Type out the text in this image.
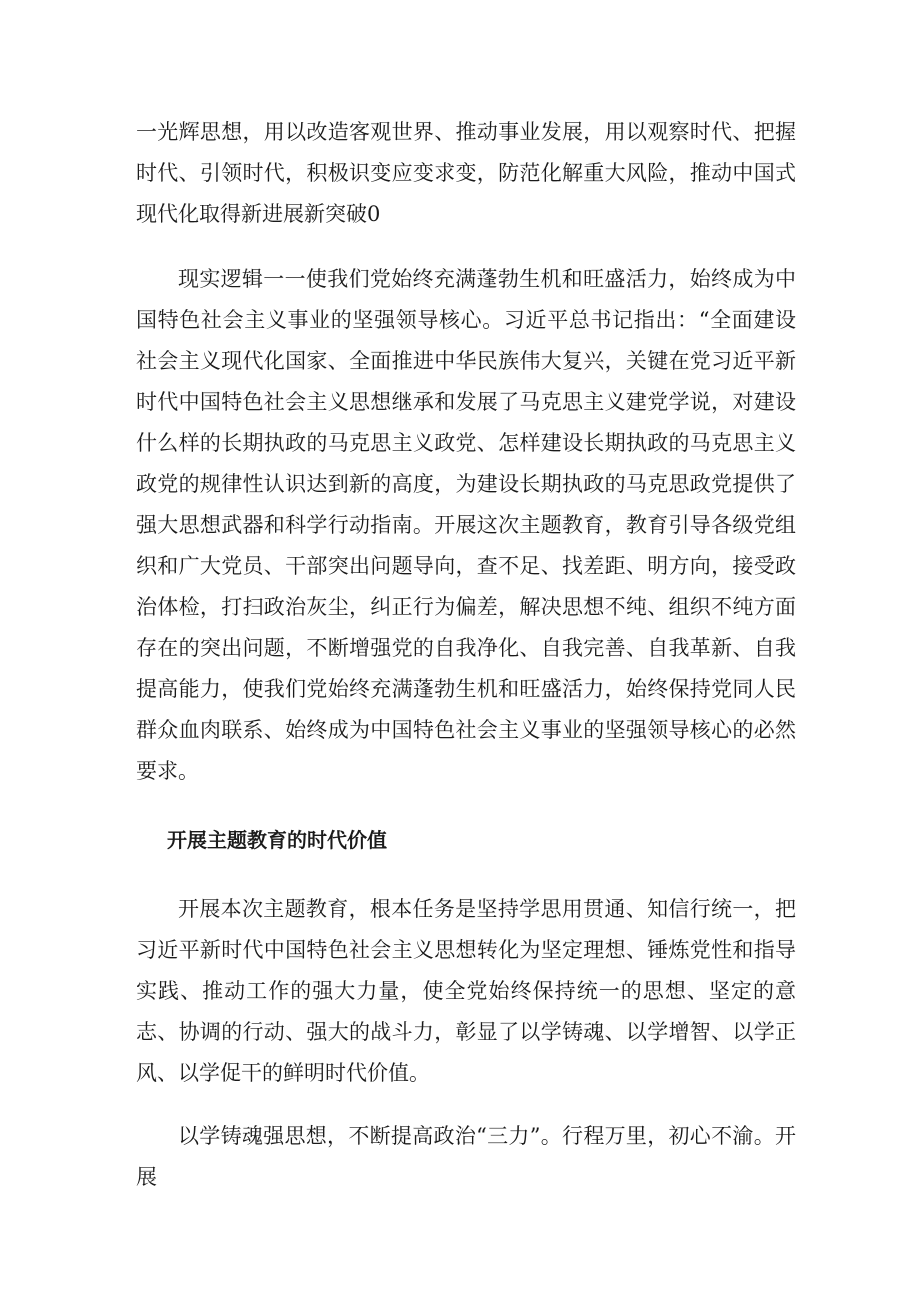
一光辉思想，用以改造客观世界、推动事业发展，用以观察时代、把握时代、引领时代，积极识变应变求变，防范化解重大风险，推动中国式现代化取得新进展新突破0

现实逻辑一一使我们党始终充满蓬勃生机和旺盛活力，始终成为中国特色社会主义事业的坚强领导核心。习近平总书记指出：“全面建设社会主义现代化国家、全面推进中华民族伟大复兴，关键在党习近平新时代中国特色社会主义思想继承和发展了马克思主义建党学说，对建设什么样的长期执政的马克思主义政党、怎样建设长期执政的马克思主义政党的规律性认识达到新的高度，为建设长期执政的马克思政党提供了强大思想武器和科学行动指南。开展这次主题教育，教育引导各级党组织和广大党员、干部突出问题导向，查不足、找差距、明方向，接受政治体检，打扫政治灰尘，纠正行为偏差，解决思想不纯、组织不纯方面存在的突出问题，不断增强党的自我净化、自我完善、自我革新、自我提高能力，使我们党始终充满蓬勃生机和旺盛活力，始终保持党同人民群众血肉联系、始终成为中国特色社会主义事业的坚强领导核心的必然要求。

开展主题教育的时代价值

开展本次主题教育，根本任务是坚持学思用贯通、知信行统一，把习近平新时代中国特色社会主义思想转化为坚定理想、锤炼党性和指导实践、推动工作的强大力量，使全党始终保持统一的思想、坚定的意志、协调的行动、强大的战斗力，彰显了以学铸魂、以学增智、以学正风、以学促干的鲜明时代价值。

以学铸魂强思想，不断提高政治“三力”。行程万里，初心不渝。开展
